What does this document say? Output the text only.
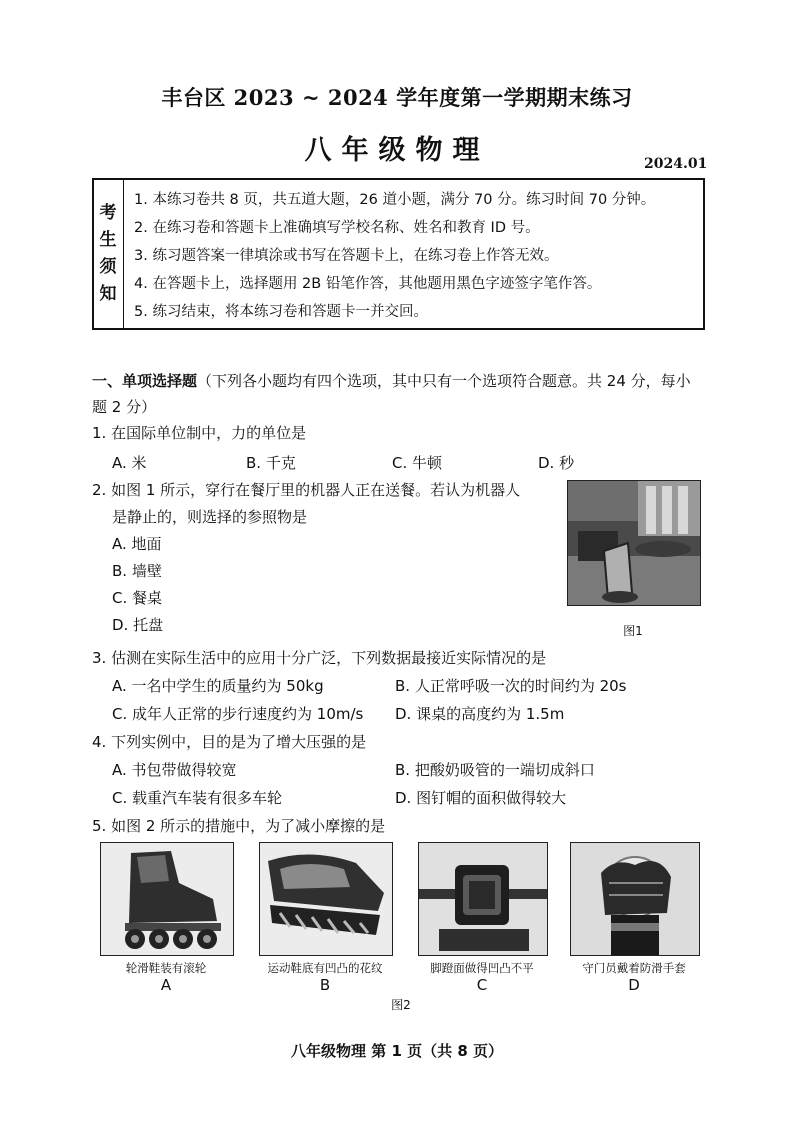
丰台区 2023 ~ 2024 学年度第一学期期末练习
八年级物理	2024.01
考生须知
1. 本练习卷共 8 页，共五道大题，26 道小题，满分 70 分。练习时间 70 分钟。
2. 在练习卷和答题卡上准确填写学校名称、姓名和教育 ID 号。
3. 练习题答案一律填涂或书写在答题卡上，在练习卷上作答无效。
4. 在答题卡上，选择题用 2B 铅笔作答，其他题用黑色字迹签字笔作答。
5. 练习结束，将本练习卷和答题卡一并交回。
一、单项选择题（下列各小题均有四个选项，其中只有一个选项符合题意。共 24 分，每小
题 2 分）
1. 在国际单位制中，力的单位是
A. 米	B. 千克	C. 牛顿	D. 秒
2. 如图 1 所示，穿行在餐厅里的机器人正在送餐。若认为机器人
是静止的，则选择的参照物是
A. 地面
B. 墙壁
C. 餐桌
D. 托盘	图1
3. 估测在实际生活中的应用十分广泛，下列数据最接近实际情况的是
A. 一名中学生的质量约为 50kg	B. 人正常呼吸一次的时间约为 20s
C. 成年人正常的步行速度约为 10m/s D. 课桌的高度约为 1.5m
4. 下列实例中，目的是为了增大压强的是
A. 书包带做得较宽	B. 把酸奶吸管的一端切成斜口
C. 载重汽车装有很多车轮	D. 图钉帽的面积做得较大
5. 如图 2 所示的措施中，为了减小摩擦的是
轮滑鞋装有滚轮
A
运动鞋底有凹凸的花纹
B
脚蹬面做得凹凸不平
C
守门员戴着防滑手套
D
图2
八年级物理 第 1 页（共 8 页）
